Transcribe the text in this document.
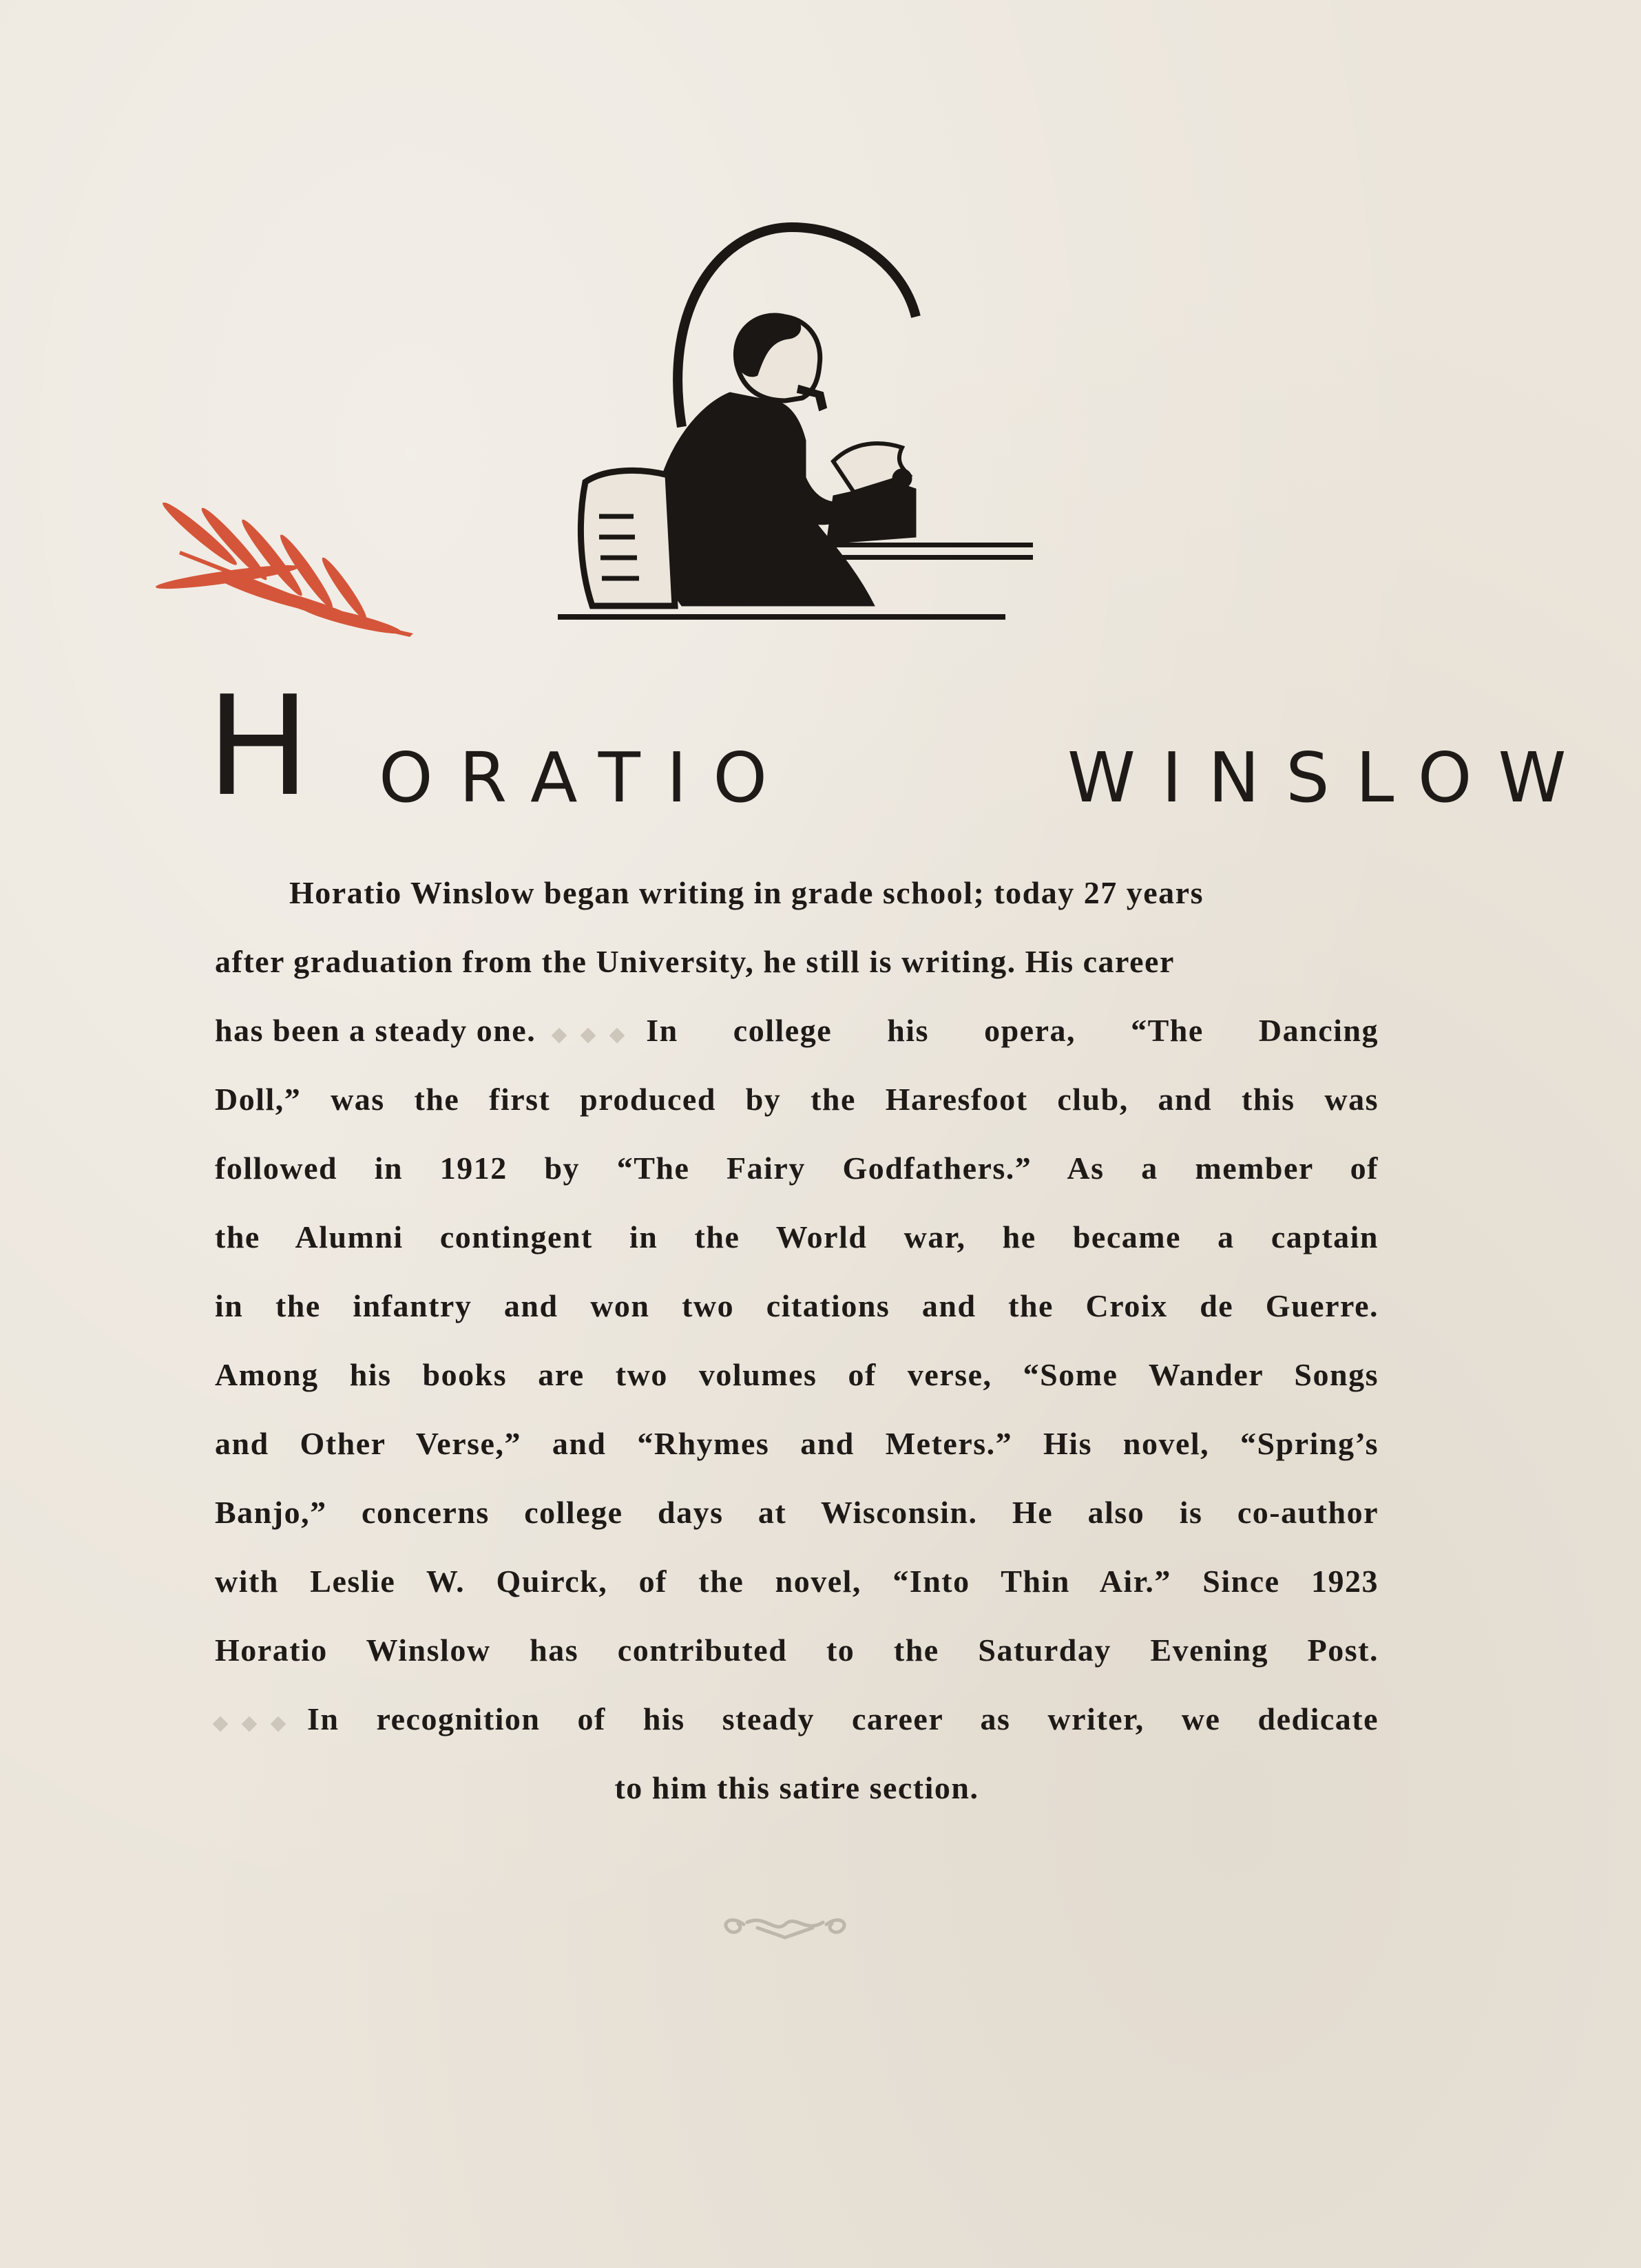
H ORATIO	WINSLOW
Horatio Winslow began writing in grade school; today 27 years
after graduation from the University, he still is writing. His career
has been a steady one.	In college his opera, “The Dancing
Doll,” was the first produced by the Haresfoot club, and this was
followed in 1912 by “The Fairy Godfathers.” As a member of
the Alumni contingent in the World war, he became a captain
in the infantry and won two citations and the Croix de Guerre.
Among his books are two volumes of verse, “Some Wander Songs
and Other Verse,” and “Rhymes and Meters.” His novel, “Spring’s
Banjo,” concerns college days at Wisconsin. He also is co-author
with Leslie W. Quirck, of the novel, “Into Thin Air.” Since 1923
Horatio Winslow has contributed to the Saturday Evening Post.
In recognition of his steady career as writer, we dedicate
to him this satire section.
